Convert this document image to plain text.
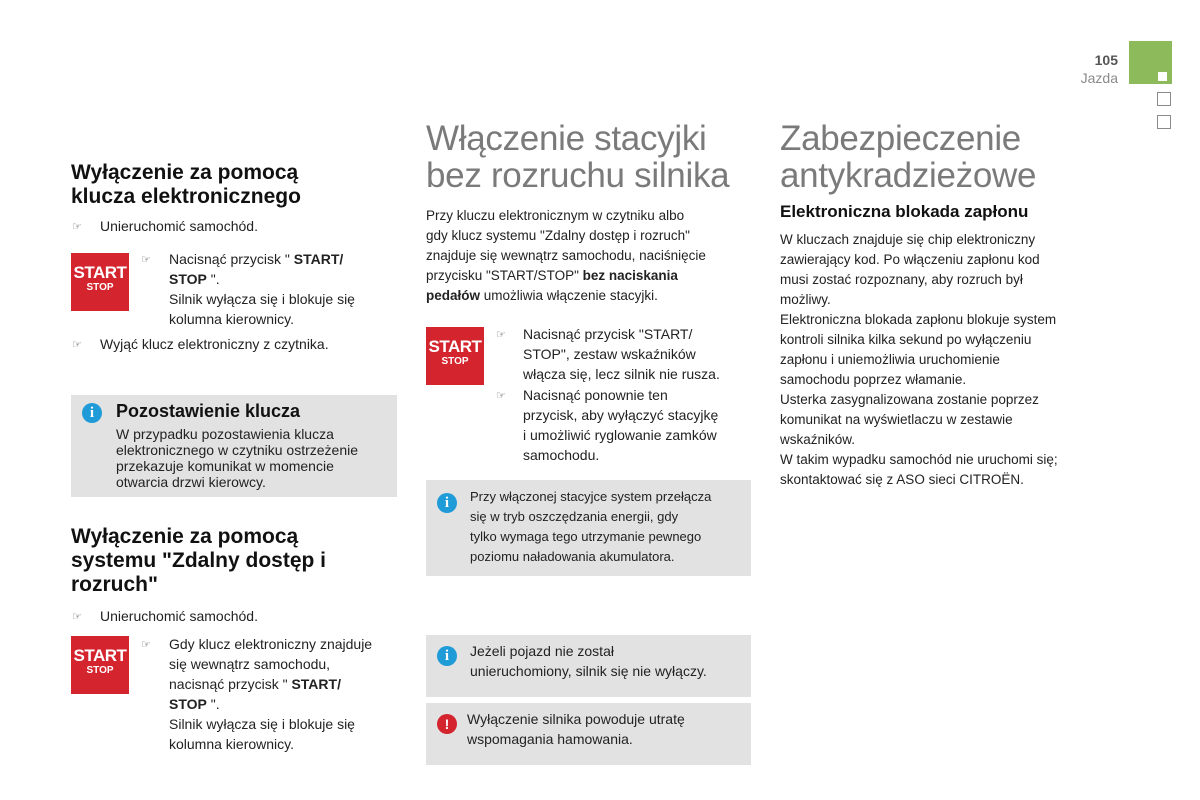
105
Jazda
Wyłączenie za pomocą
klucza elektronicznego
☞ Unieruchomić samochód.
START
STOP
☞ Nacisnąć przycisk " START/
STOP ".
Silnik wyłącza się i blokuje się
kolumna kierownicy.
☞ Wyjąć klucz elektroniczny z czytnika.
i	Pozostawienie klucza
W przypadku pozostawienia klucza
elektronicznego w czytniku ostrzeżenie
przekazuje komunikat w momencie
otwarcia drzwi kierowcy.
Wyłączenie za pomocą
systemu "Zdalny dostęp i
rozruch"
☞ Unieruchomić samochód.
START
STOP
☞ Gdy klucz elektroniczny znajduje
się wewnątrz samochodu,
nacisnąć przycisk " START/
STOP ".
Silnik wyłącza się i blokuje się
kolumna kierownicy.
Włączenie stacyjki
bez rozruchu silnika
Przy kluczu elektronicznym w czytniku albo
gdy klucz systemu "Zdalny dostęp i rozruch"
znajduje się wewnątrz samochodu, naciśnięcie
przycisku "START/STOP" bez naciskania
pedałów umożliwia włączenie stacyjki.
START
STOP
☞ Nacisnąć przycisk "START/
STOP", zestaw wskaźników
włącza się, lecz silnik nie rusza.
☞ Nacisnąć ponownie ten
przycisk, aby wyłączyć stacyjkę
i umożliwić ryglowanie zamków
samochodu.
i	Przy włączonej stacyjce system przełącza
się w tryb oszczędzania energii, gdy
tylko wymaga tego utrzymanie pewnego
poziomu naładowania akumulatora.
i	Jeżeli pojazd nie został
unieruchomiony, silnik się nie wyłączy.
!	Wyłączenie silnika powoduje utratę
wspomagania hamowania.
Zabezpieczenie
antykradzieżowe
Elektroniczna blokada zapłonu
W kluczach znajduje się chip elektroniczny
zawierający kod. Po włączeniu zapłonu kod
musi zostać rozpoznany, aby rozruch był
możliwy.
Elektroniczna blokada zapłonu blokuje system
kontroli silnika kilka sekund po wyłączeniu
zapłonu i uniemożliwia uruchomienie
samochodu poprzez włamanie.
Usterka zasygnalizowana zostanie poprzez
komunikat na wyświetlaczu w zestawie
wskaźników.
W takim wypadku samochód nie uruchomi się;
skontaktować się z ASO sieci CITROËN.
